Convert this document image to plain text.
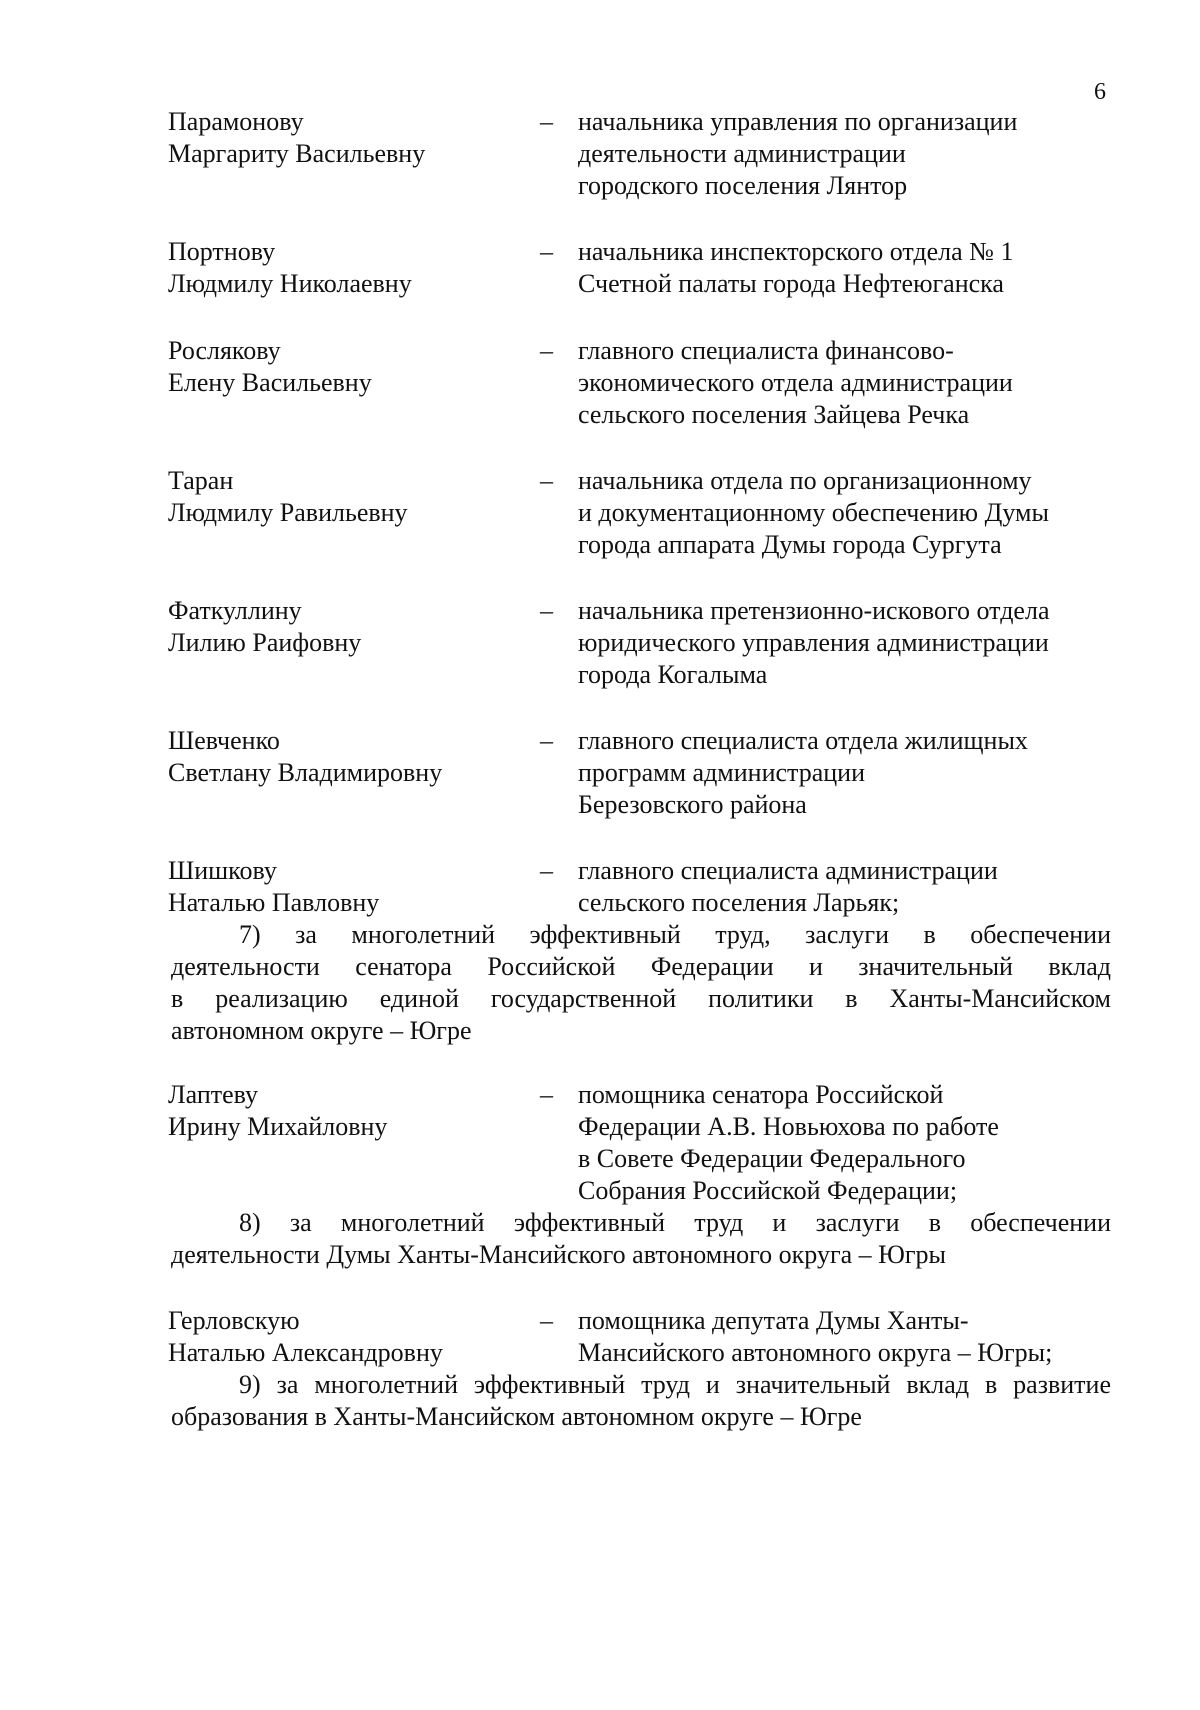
6
Парамонову
Маргариту Васильевну
– начальника управления по организации
деятельности администрации
городского поселения Лянтор
Портнову
Людмилу Николаевну
– начальника инспекторского отдела № 1
Счетной палаты города Нефтеюганска
Рослякову
Елену Васильевну
– главного специалиста финансово-
экономического отдела администрации
сельского поселения Зайцева Речка
Таран
Людмилу Равильевну
– начальника отдела по организационному
и документационному обеспечению Думы
города аппарата Думы города Сургута
Фаткуллину
Лилию Раифовну
– начальника претензионно-искового отдела
юридического управления администрации
города Когалыма
Шевченко
Светлану Владимировну
– главного специалиста отдела жилищных
программ администрации
Березовского района
Шишкову
Наталью Павловну
– главного специалиста администрации
сельского поселения Ларьяк;
7) за многолетний эффективный труд, заслуги в обеспечении
деятельности сенатора Российской Федерации и значительный вклад
в реализацию единой государственной политики в Ханты-Мансийском
автономном округе – Югре
Лаптеву
Ирину Михайловну
– помощника сенатора Российской
Федерации А.В. Новьюхова по работе
в Совете Федерации Федерального
Собрания Российской Федерации;
8) за многолетний эффективный труд и заслуги в обеспечении
деятельности Думы Ханты-Мансийского автономного округа – Югры
Герловскую
Наталью Александровну
– помощника депутата Думы Ханты-
Мансийского автономного округа – Югры;
9) за многолетний эффективный труд и значительный вклад в развитие
образования в Ханты-Мансийском автономном округе – Югре
